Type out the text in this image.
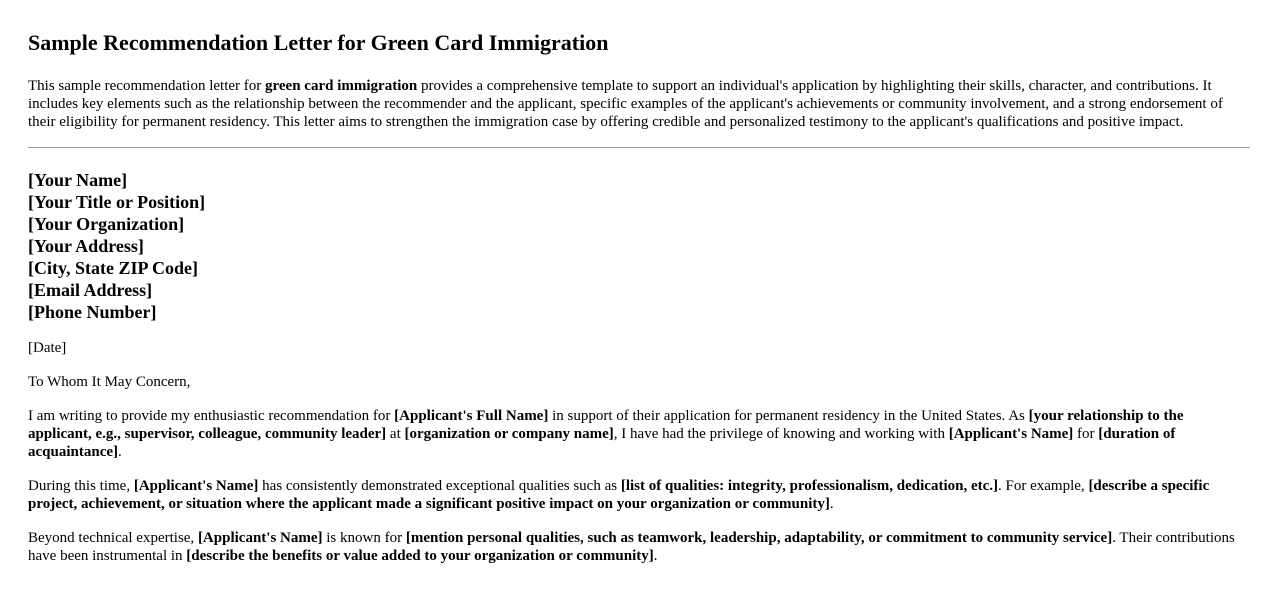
Sample Recommendation Letter for Green Card Immigration

This sample recommendation letter for green card immigration provides a comprehensive template to support an individual's application by highlighting their skills, character, and contributions. It includes key elements such as the relationship between the recommender and the applicant, specific examples of the applicant's achievements or community involvement, and a strong endorsement of their eligibility for permanent residency. This letter aims to strengthen the immigration case by offering credible and personalized testimony to the applicant's qualifications and positive impact.

[Your Name]
[Your Title or Position]
[Your Organization]
[Your Address]
[City, State ZIP Code]
[Email Address]
[Phone Number]

[Date]

To Whom It May Concern,

I am writing to provide my enthusiastic recommendation for [Applicant's Full Name] in support of their application for permanent residency in the United States. As [your relationship to the applicant, e.g., supervisor, colleague, community leader] at [organization or company name], I have had the privilege of knowing and working with [Applicant's Name] for [duration of acquaintance].

During this time, [Applicant's Name] has consistently demonstrated exceptional qualities such as [list of qualities: integrity, professionalism, dedication, etc.]. For example, [describe a specific project, achievement, or situation where the applicant made a significant positive impact on your organization or community].

Beyond technical expertise, [Applicant's Name] is known for [mention personal qualities, such as teamwork, leadership, adaptability, or commitment to community service]. Their contributions have been instrumental in [describe the benefits or value added to your organization or community].
